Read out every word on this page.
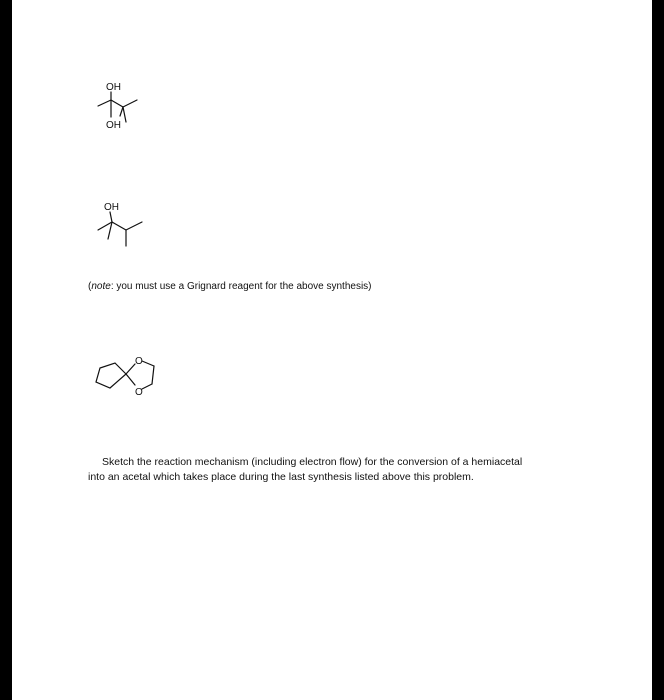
OH
OH
OH
(note: you must use a Grignard reagent for the above synthesis)
O
O
Sketch the reaction mechanism (including electron flow) for the conversion of a hemiacetal
into an acetal which takes place during the last synthesis listed above this problem.
